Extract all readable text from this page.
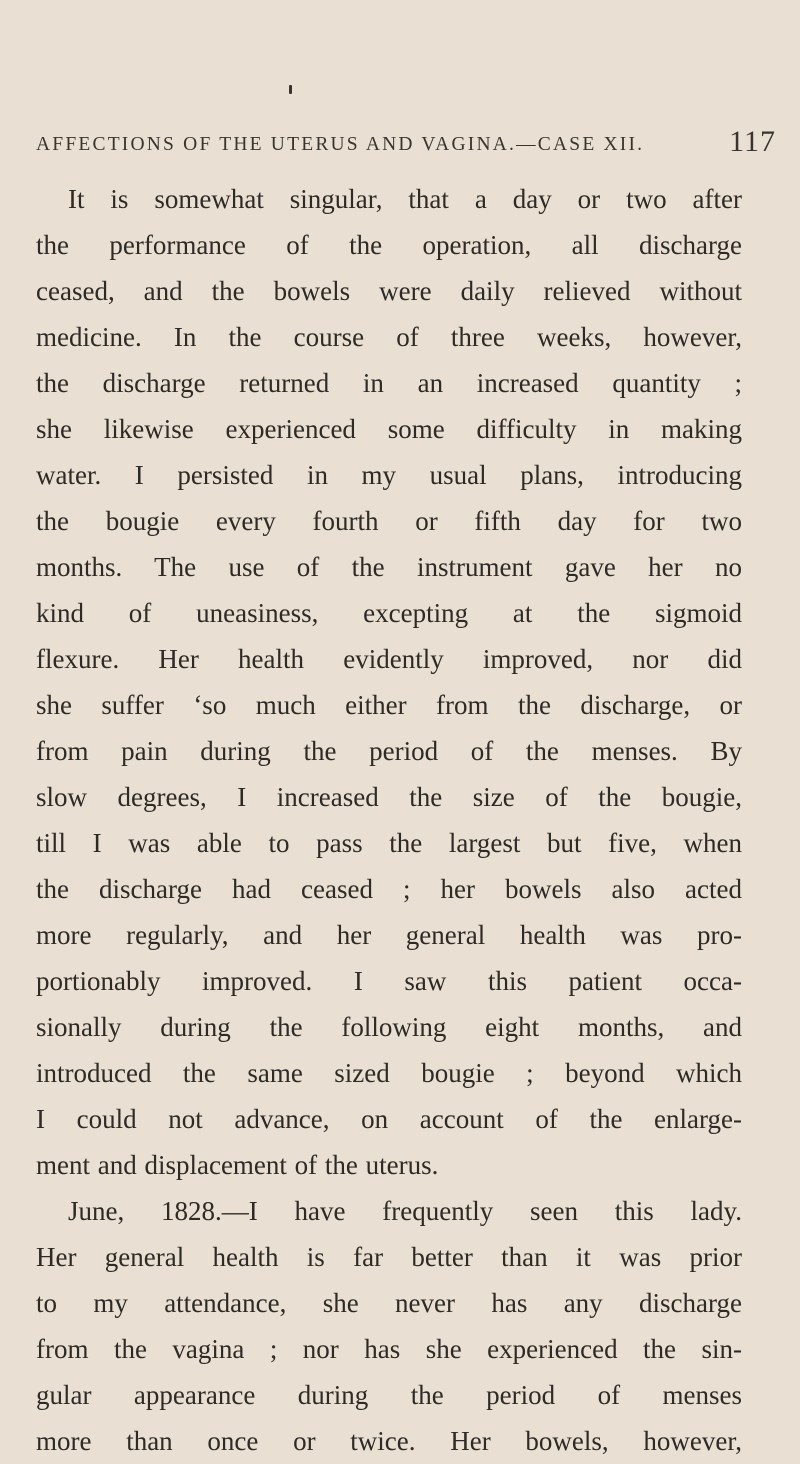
AFFECTIONS OF THE UTERUS AND VAGINA.—CASE XII.	117
It is somewhat singular, that a day or two after
the performance of the operation, all discharge
ceased, and the bowels were daily relieved without
medicine. In the course of three weeks, however,
the discharge returned in an increased quantity ;
she likewise experienced some difficulty in making
water. I persisted in my usual plans, introducing
the bougie every fourth or fifth day for two
months. The use of the instrument gave her no
kind of uneasiness, excepting at the sigmoid
flexure. Her health evidently improved, nor did
she suffer ‘so much either from the discharge, or
from pain during the period of the menses. By
slow degrees, I increased the size of the bougie,
till I was able to pass the largest but five, when
the discharge had ceased ; her bowels also acted
more regularly, and her general health was pro-
portionably improved. I saw this patient occa-
sionally during the following eight months, and
introduced the same sized bougie ; beyond which
I could not advance, on account of the enlarge-
ment and displacement of the uterus.
June, 1828.—I have frequently seen this lady.
Her general health is far better than it was prior
to my attendance, she never has any discharge
from the vagina ; nor has she experienced the sin-
gular appearance during the period of menses
more than once or twice. Her bowels, however,
